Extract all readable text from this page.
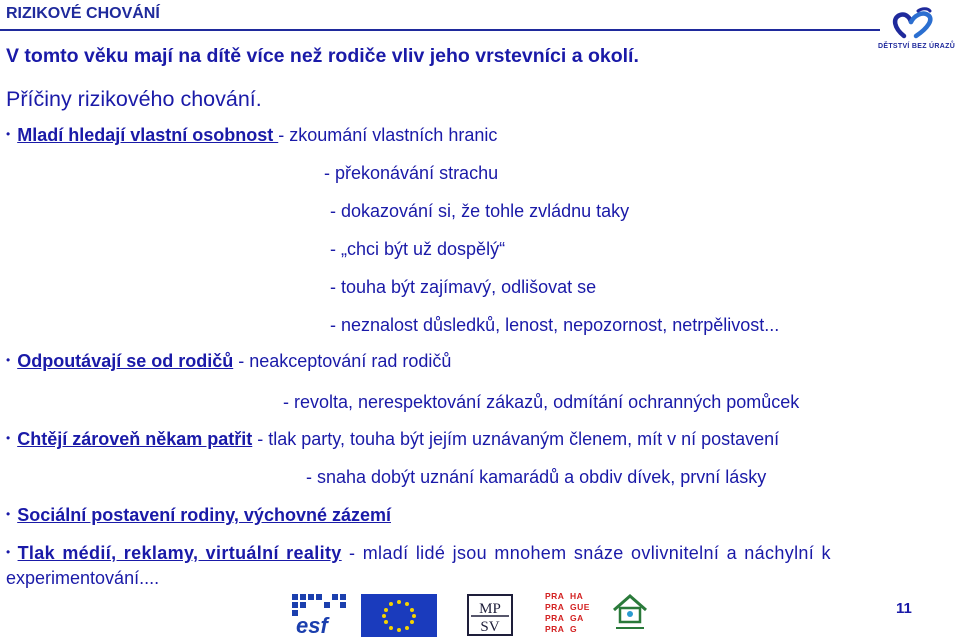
RIZIKOVÉ CHOVÁNÍ
DĚTSTVÍ BEZ ÚRAZŮ
V tomto věku mají na dítě více než rodiče vliv jeho vrstevníci a okolí.
Příčiny rizikového chování.
• Mladí hledají vlastní osobnost - zkoumání vlastních hranic
- překonávání strachu
- dokazování si, že tohle zvládnu taky
- „chci být už dospělý“
- touha být zajímavý, odlišovat se
- neznalost důsledků, lenost, nepozornost, netrpělivost...
• Odpoutávají se od rodičů - neakceptování rad rodičů
- revolta, nerespektování zákazů, odmítání ochranných pomůcek
• Chtějí zároveň někam patřit - tlak party, touha být jejím uznávaným členem, mít v ní postavení
- snaha dobýt uznání kamarádů a obdiv dívek, první lásky
• Sociální postavení rodiny, výchovné zázemí
• Tlak médií, reklamy, virtuální reality - mladí lidé jsou mnohem snáze ovlivnitelní a náchylní k
experimentování....
esf
MP
SV
PRA HA
PRA GUE
PRA GA
PRA G
11
